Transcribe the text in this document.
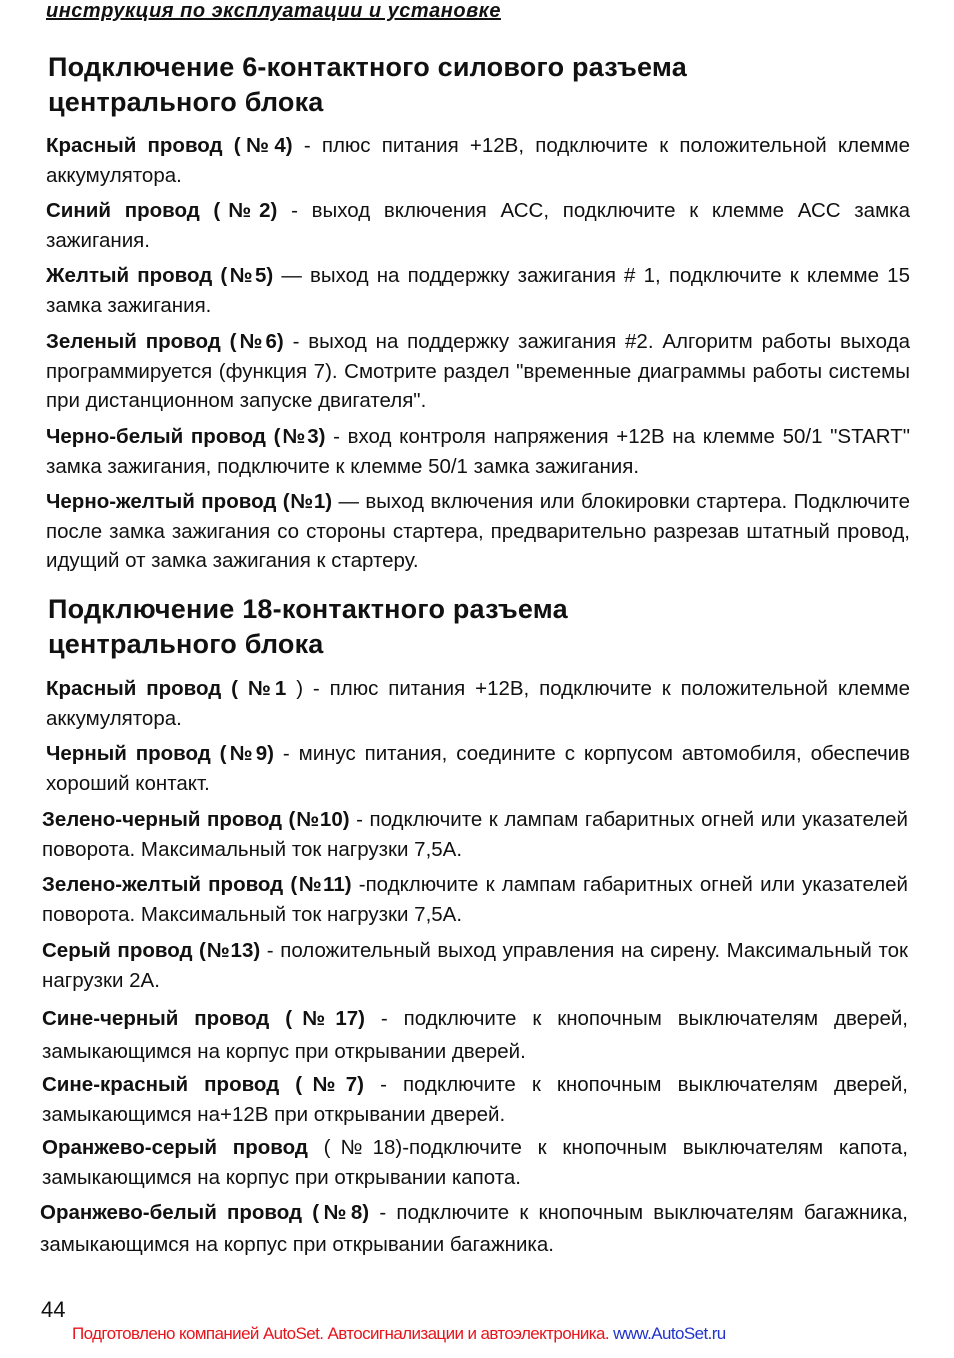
инструкция по эксплуатации и установке
Подключение 6-контактного силового разъема
центрального блока
Красный провод (№4) - плюс питания +12В, подключите к положительной клемме аккумулятора.
Синий провод (№2) - выход включения АСС, подключите к клемме АСС замка зажигания.
Желтый провод (№5) — выход на поддержку зажигания # 1, подключите к клемме 15 замка зажигания.
Зеленый провод (№6) - выход на поддержку зажигания #2. Алгоритм работы выхода программируется (функция 7). Смотрите раздел "временные диаграммы работы системы при дистанционном запуске двигателя".
Черно-белый провод (№3) - вход контроля напряжения +12В на клемме 50/1 "START" замка зажигания, подключите к клемме 50/1 замка зажигания.
Черно-желтый провод (№1) — выход включения или блокировки стартера. Подключите после замка зажигания со стороны стартера, предварительно разрезав штатный провод, идущий от замка зажигания к стартеру.
Подключение 18-контактного разъема
центрального блока
Красный провод ( №1 ) - плюс питания +12В, подключите к положительной клемме аккумулятора.
Черный провод (№9) - минус питания, соедините с корпусом автомобиля, обеспечив хороший контакт.
Зелено-черный провод (№10) - подключите к лампам габаритных огней или указателей поворота. Максимальный ток нагрузки 7,5А.
Зелено-желтый провод (№11) -подключите к лампам габаритных огней или указателей поворота. Максимальный ток нагрузки 7,5А.
Серый провод (№13) - положительный выход управления на сирену. Максимальный ток нагрузки 2А.
Сине-черный провод (№17) - подключите к кнопочным выключателям дверей, замыкающимся на корпус при открывании дверей.
Сине-красный провод (№7) - подключите к кнопочным выключателям дверей, замыкающимся на+12В при открывании дверей.
Оранжево-серый провод (№18)-подключите к кнопочным выключателям капота, замыкающимся на корпус при открывании капота.
Оранжево-белый провод (№8) - подключите к кнопочным выключателям багажника, замыкающимся на корпус при открывании багажника.
44
Подготовлено компанией AutoSet. Автосигнализации и автоэлектроника. www.AutoSet.ru
